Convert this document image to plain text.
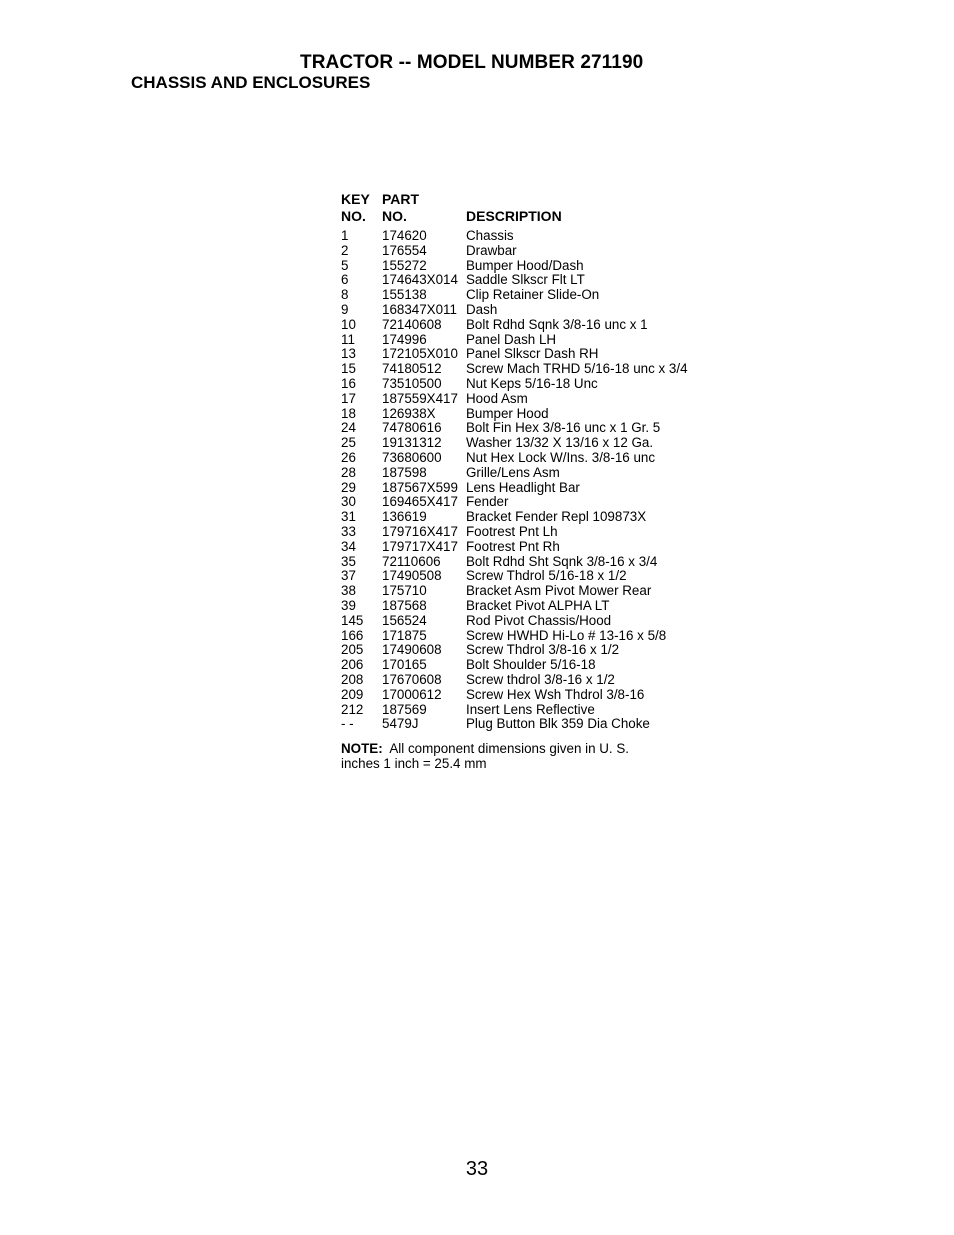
TRACTOR -- MODEL NUMBER 271190
CHASSIS AND ENCLOSURES
KEY PART
NO.	NO.	DESCRIPTION
1	174620	Chassis
2	176554	Drawbar
5	155272	Bumper Hood/Dash
6	174643X014 Saddle Slkscr Flt LT
8	155138	Clip Retainer Slide-On
9	168347X011 Dash
10	72140608	Bolt Rdhd Sqnk 3/8-16 unc x 1
11	174996	Panel Dash LH
13	172105X010 Panel Slkscr Dash RH
15	74180512	Screw Mach TRHD 5/16-18 unc x 3/4
16	73510500	Nut Keps 5/16-18 Unc
17	187559X417 Hood Asm
18	126938X	Bumper Hood
24	74780616	Bolt Fin Hex 3/8-16 unc x 1 Gr. 5
25	19131312	Washer 13/32 X 13/16 x 12 Ga.
26	73680600	Nut Hex Lock W/Ins. 3/8-16 unc
28	187598	Grille/Lens Asm
29	187567X599 Lens Headlight Bar
30	169465X417 Fender
31	136619	Bracket Fender Repl 109873X
33	179716X417 Footrest Pnt Lh
34	179717X417 Footrest Pnt Rh
35	72110606	Bolt Rdhd Sht Sqnk 3/8-16 x 3/4
37	17490508	Screw Thdrol 5/16-18 x 1/2
38	175710	Bracket Asm Pivot Mower Rear
39	187568	Bracket Pivot ALPHA LT
145	156524	Rod Pivot Chassis/Hood
166	171875	Screw HWHD Hi-Lo # 13-16 x 5/8
205	17490608	Screw Thdrol 3/8-16 x 1/2
206	170165	Bolt Shoulder 5/16-18
208	17670608	Screw thdrol 3/8-16 x 1/2
209	17000612	Screw Hex Wsh Thdrol 3/8-16
212	187569	Insert Lens Reflective
- -	5479J	Plug Button Blk 359 Dia Choke
NOTE: All component dimensions given in U. S. inches 1 inch = 25.4 mm
33
